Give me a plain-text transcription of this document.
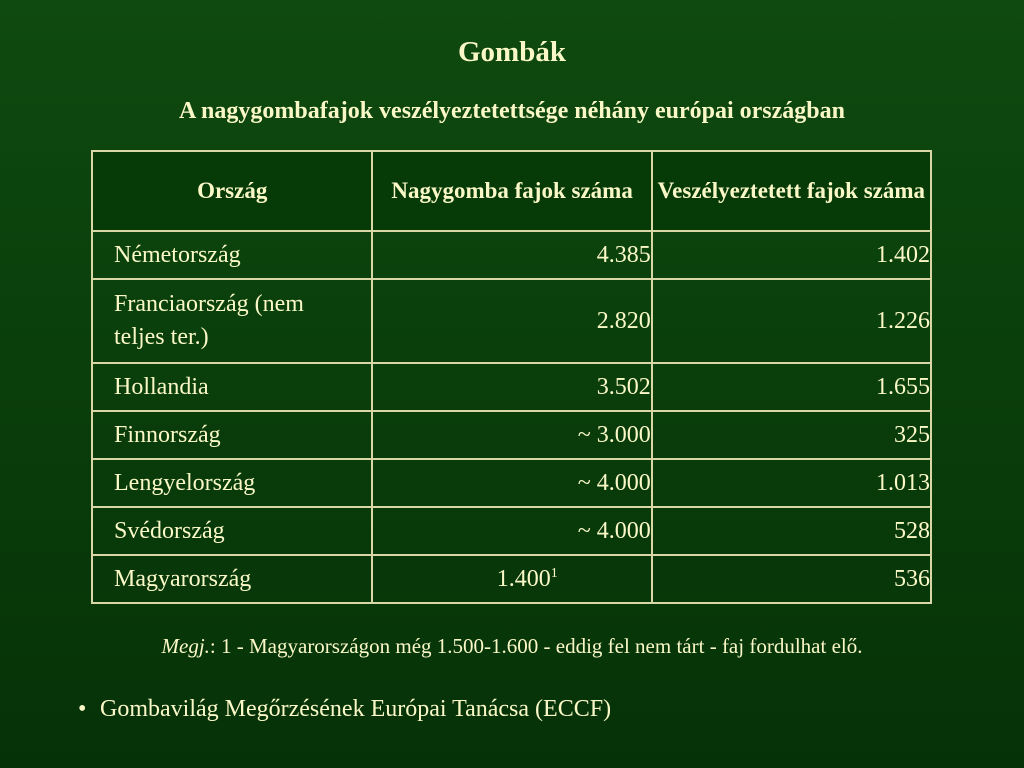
Gombák
A nagygombafajok veszélyeztetettsége néhány európai országban
Ország	Nagygomba fajok száma	Veszélyeztetett fajok száma
Németország	4.385	1.402
Franciaország (nem teljes ter.)	2.820	1.226
Hollandia	3.502	1.655
Finnország	~ 3.000	325
Lengyelország	~ 4.000	1.013
Svédország	~ 4.000	528
Magyarország	1.400$^1$	536
Megj.: 1 - Magyarországon még 1.500-1.600 - eddig fel nem tárt - faj fordulhat elő.
• Gombavilág Megőrzésének Európai Tanácsa (ECCF)
